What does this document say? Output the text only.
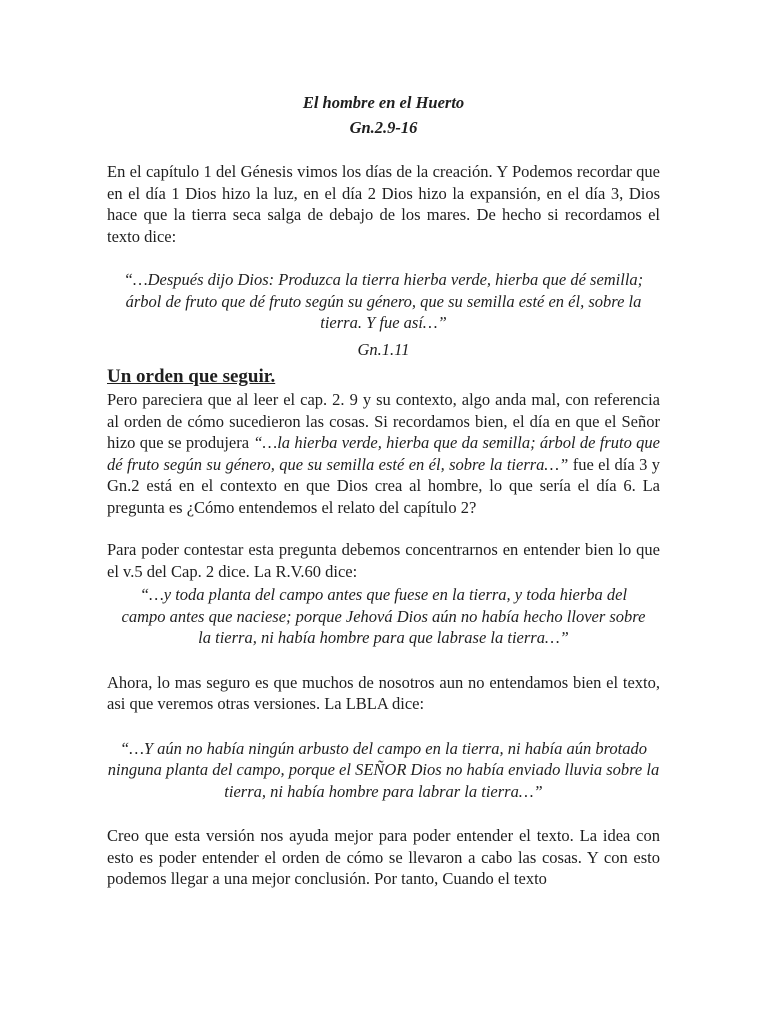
El hombre en el Huerto

Gn.2.9-16

En el capítulo 1 del Génesis vimos los días de la creación. Y Podemos recordar que en el día 1 Dios hizo la luz, en el día 2 Dios hizo la expansión, en el día 3, Dios hace que la tierra seca salga de debajo de los mares. De hecho si recordamos el texto dice:

“…Después dijo Dios: Produzca la tierra hierba verde, hierba que dé semilla; árbol de fruto que dé fruto según su género, que su semilla esté en él, sobre la tierra. Y fue así…”

Gn.1.11

Un orden que seguir.

Pero pareciera que al leer el cap. 2. 9 y su contexto, algo anda mal, con referencia al orden de cómo sucedieron las cosas. Si recordamos bien, el día en que el Señor hizo que se produjera “…la hierba verde, hierba que da semilla; árbol de fruto que dé fruto según su género, que su semilla esté en él, sobre la tierra…” fue el día 3 y Gn.2 está en el contexto en que Dios crea al hombre, lo que sería el día 6. La pregunta es ¿Cómo entendemos el relato del capítulo 2?

Para poder contestar esta pregunta debemos concentrarnos en entender bien lo que el v.5 del Cap. 2 dice. La R.V.60 dice:

“…y toda planta del campo antes que fuese en la tierra, y toda hierba del campo antes que naciese; porque Jehová Dios aún no había hecho llover sobre la tierra, ni había hombre para que labrase la tierra…”

Ahora, lo mas seguro es que muchos de nosotros aun no entendamos bien el texto, asi que veremos otras versiones. La LBLA dice:

“…Y aún no había ningún arbusto del campo en la tierra, ni había aún brotado ninguna planta del campo, porque el SEÑOR Dios no había enviado lluvia sobre la tierra, ni había hombre para labrar la tierra…”

Creo que esta versión nos ayuda mejor para poder entender el texto. La idea con esto es poder entender el orden de cómo se llevaron a cabo las cosas. Y con esto podemos llegar a una mejor conclusión. Por tanto, Cuando el texto
